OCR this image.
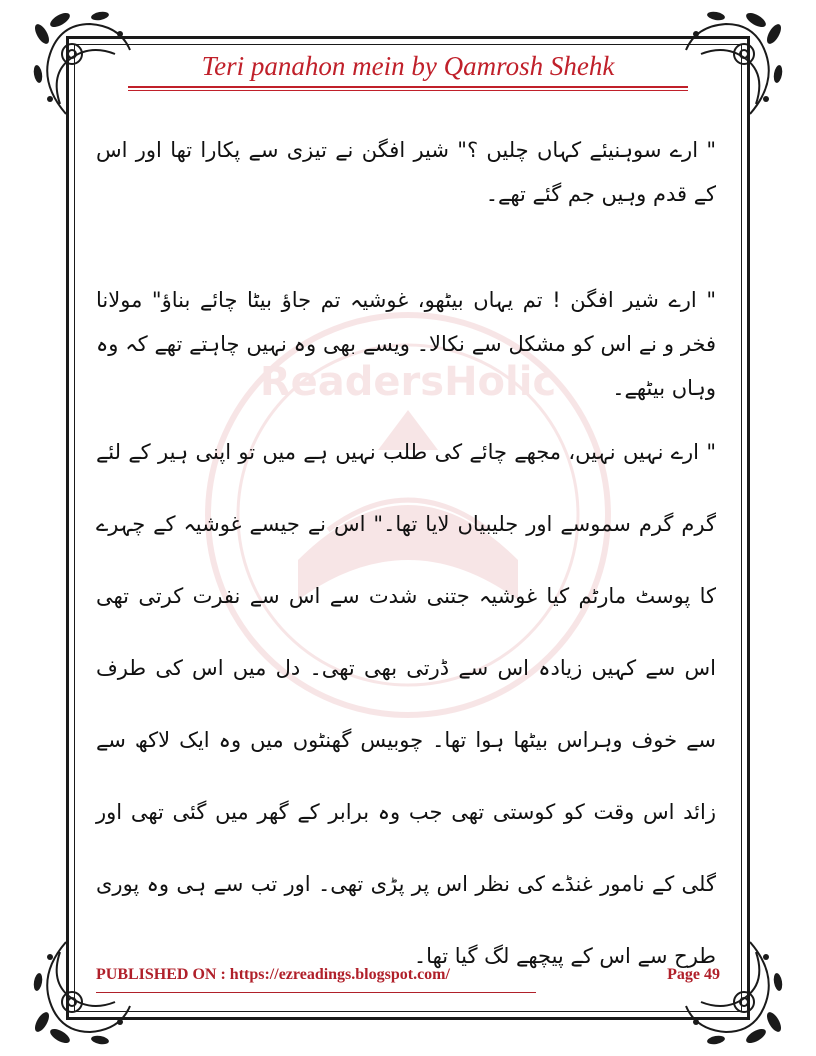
ReadersHolic
Teri panahon mein by Qamrosh Shehk

" ارے سوہنیئے کہاں چلیں ؟" شیر افگن نے تیزی سے پکارا تھا اور اس کے قدم وہیں جم گئے تھے۔

" ارے شیر افگن ! تم یہاں بیٹھو، غوشیہ تم جاؤ بیٹا چائے بناؤ" مولانا فخر و نے اس کو مشکل سے نکالا۔ ویسے بھی وہ نہیں چاہتے تھے کہ وہ وہاں بیٹھے۔

" ارے نہیں نہیں، مجھے چائے کی طلب نہیں ہے میں تو اپنی ہیر کے لئے گرم گرم سموسے اور جلیبیاں لایا تھا۔" اس نے جیسے غوشیہ کے چہرے کا پوسٹ مارٹم کیا غوشیہ جتنی شدت سے اس سے نفرت کرتی تھی اس سے کہیں زیادہ اس سے ڈرتی بھی تھی۔ دل میں اس کی طرف سے خوف وہراس بیٹھا ہوا تھا۔ چوبیس گھنٹوں میں وہ ایک لاکھ سے زائد اس وقت کو کوستی تھی جب وہ برابر کے گھر میں گئی تھی اور گلی کے نامور غنڈے کی نظر اس پر پڑی تھی۔ اور تب سے ہی وہ پوری طرح سے اس کے پیچھے لگ گیا تھا۔

PUBLISHED ON : https://ezreadings.blogspot.com/	Page 49
